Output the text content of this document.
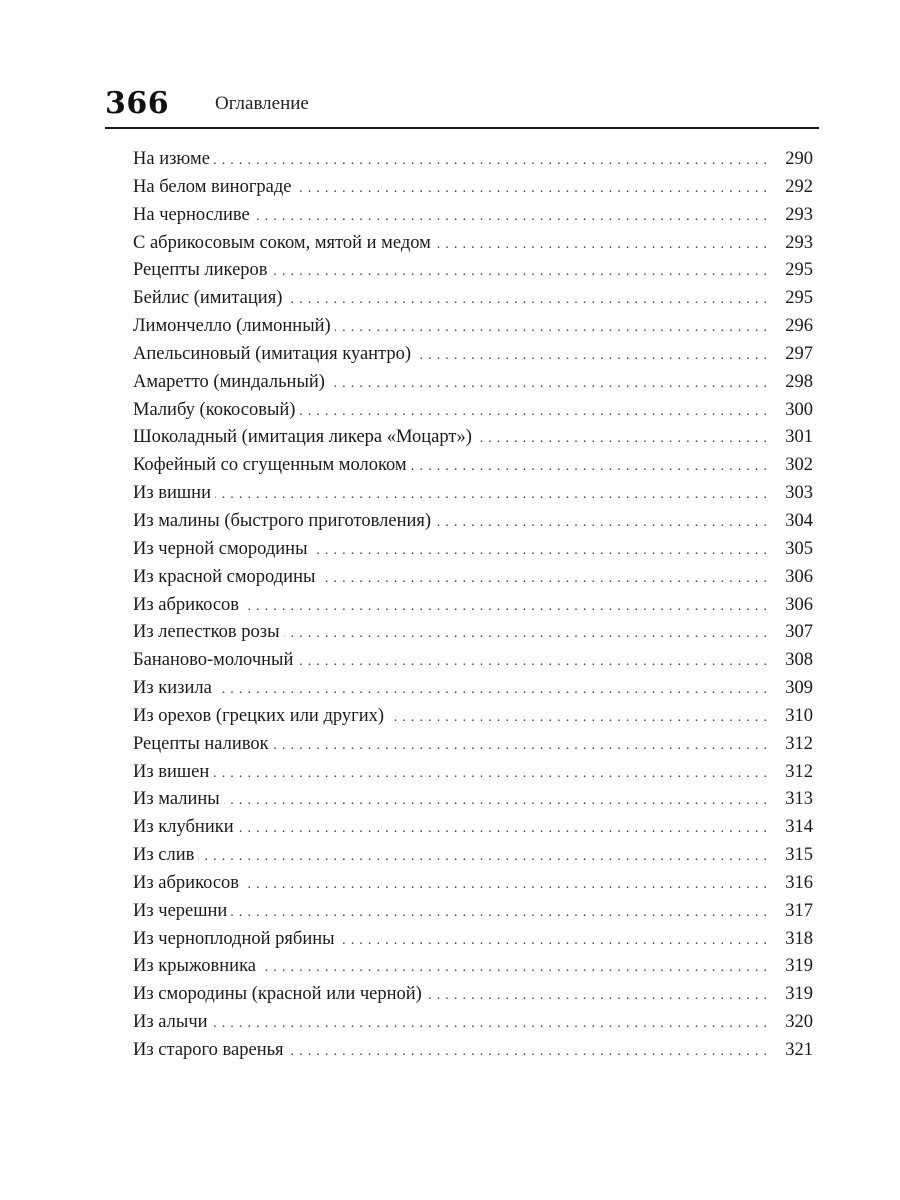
366 Оглавление
На изюме . . .	290
На белом винограде . . .	292
На черносливе . . .	293
С абрикосовым соком, мятой и медом . . .	293
Рецепты ликеров . . .	295
Бейлис (имитация) . . .	295
Лимончелло (лимонный) . . .	296
Апельсиновый (имитация куантро) . . .	297
Амаретто (миндальный) . . .	298
Малибу (кокосовый) . . .	300
Шоколадный (имитация ликера «Моцарт») . . .	301
Кофейный со сгущенным молоком . . .	302
Из вишни . . .	303
Из малины (быстрого приготовления) . . .	304
Из черной смородины . . .	305
Из красной смородины . . .	306
Из абрикосов . . .	306
Из лепестков розы . . .	307
Бананово-молочный . . .	308
Из кизила . . .	309
Из орехов (грецких или других) . . .	310
Рецепты наливок . . .	312
Из вишен . . .	312
Из малины . . .	313
Из клубники . . .	314
Из слив . . .	315
Из абрикосов . . .	316
Из черешни . . .	317
Из черноплодной рябины . . .	318
Из крыжовника . . .	319
Из смородины (красной или черной) . . .	319
Из алычи . . .	320
Из старого варенья . . .	321
